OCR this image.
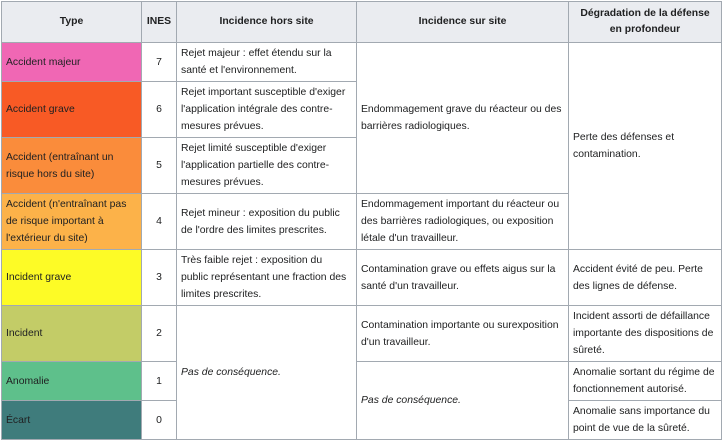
Type	INES	Incidence hors site	Incidence sur site	Dégradation de la défense en profondeur
Accident majeur	7	Rejet majeur : effet étendu sur la santé et l'environnement.	Endommagement grave du réacteur ou des barrières radiologiques.	Perte des défenses et contamination.
Accident grave	6	Rejet important susceptible d'exiger l'application intégrale des contre-mesures prévues.		
Accident (entraînant un risque hors du site)	5	Rejet limité susceptible d'exiger l'application partielle des contre-mesures prévues.		
Accident (n'entraînant pas de risque important à l'extérieur du site)	4	Rejet mineur : exposition du public de l'ordre des limites prescrites.	Endommagement important du réacteur ou des barrières radiologiques, ou exposition létale d'un travailleur.	
Incident grave	3	Très faible rejet : exposition du public représentant une fraction des limites prescrites.	Contamination grave ou effets aigus sur la santé d'un travailleur.	Accident évité de peu. Perte des lignes de défense.
Incident	2	Pas de conséquence.	Contamination importante ou surexposition d'un travailleur.	Incident assorti de défaillance importante des dispositions de sûreté.
Anomalie	1		Pas de conséquence.	Anomalie sortant du régime de fonctionnement autorisé.
Écart	0			Anomalie sans importance du point de vue de la sûreté.
